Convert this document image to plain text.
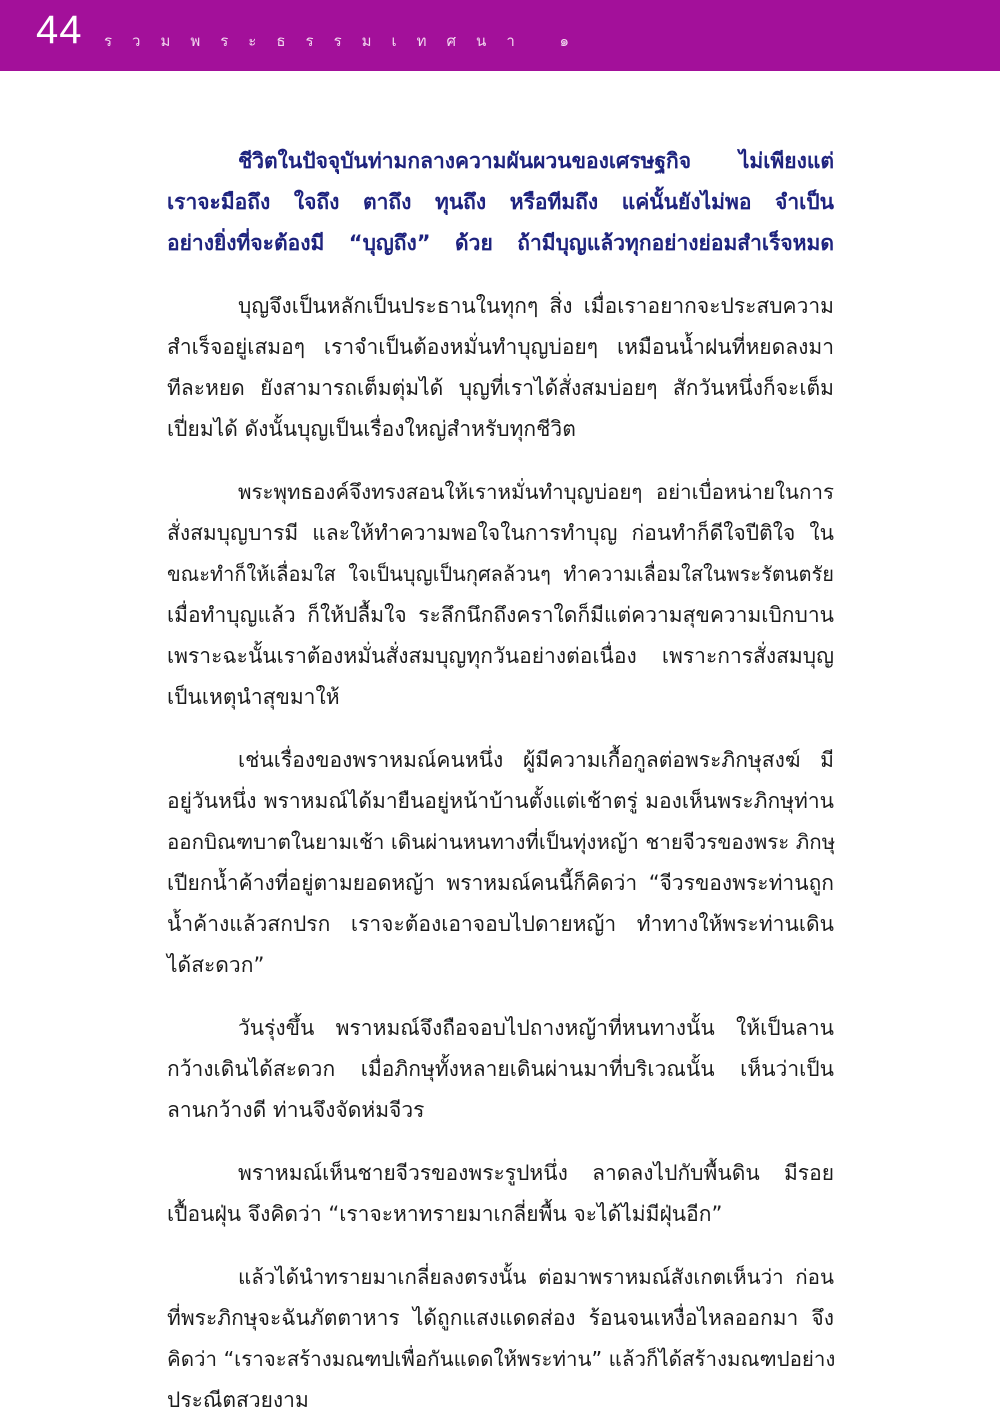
44 รวมพระธรรมเทศนา ๑
ชีวิตในปัจจุบันท่ามกลางความผันผวนของเศรษฐกิจ ไม่เพียงแต่
เราจะมือถึง ใจถึง ตาถึง ทุนถึง หรือทีมถึง แค่นั้นยังไม่พอ จำเป็น
อย่างยิ่งที่จะต้องมี “บุญถึง” ด้วย ถ้ามีบุญแล้วทุกอย่างย่อมสำเร็จหมด
บุญจึงเป็นหลักเป็นประธานในทุกๆ สิ่ง เมื่อเราอยากจะประสบความ
สำเร็จอยู่เสมอๆ เราจำเป็นต้องหมั่นทำบุญบ่อยๆ เหมือนน้ำฝนที่หยดลงมา
ทีละหยด ยังสามารถเต็มตุ่มได้ บุญที่เราได้สั่งสมบ่อยๆ สักวันหนึ่งก็จะเต็ม
เปี่ยมได้ ดังนั้นบุญเป็นเรื่องใหญ่สำหรับทุกชีวิต
พระพุทธองค์จึงทรงสอนให้เราหมั่นทำบุญบ่อยๆ อย่าเบื่อหน่ายในการ
สั่งสมบุญบารมี และให้ทำความพอใจในการทำบุญ ก่อนทำก็ดีใจปีติใจ ใน
ขณะทำก็ให้เลื่อมใส ใจเป็นบุญเป็นกุศลล้วนๆ ทำความเลื่อมใสในพระรัตนตรัย
เมื่อทำบุญแล้ว ก็ให้ปลื้มใจ ระลึกนึกถึงคราใดก็มีแต่ความสุขความเบิกบาน
เพราะฉะนั้นเราต้องหมั่นสั่งสมบุญทุกวันอย่างต่อเนื่อง เพราะการสั่งสมบุญ
เป็นเหตุนำสุขมาให้
เช่นเรื่องของพราหมณ์คนหนึ่ง ผู้มีความเกื้อกูลต่อพระภิกษุสงฆ์ มี
อยู่วันหนึ่ง พราหมณ์ได้มายืนอยู่หน้าบ้านตั้งแต่เช้าตรู่ มองเห็นพระภิกษุท่าน
ออกบิณฑบาตในยามเช้า เดินผ่านหนทางที่เป็นทุ่งหญ้า ชายจีวรของพระ ภิกษุ
เปียกน้ำค้างที่อยู่ตามยอดหญ้า พราหมณ์คนนี้ก็คิดว่า “จีวรของพระท่านถูก
น้ำค้างแล้วสกปรก เราจะต้องเอาจอบไปดายหญ้า ทำทางให้พระท่านเดิน
ได้สะดวก”
วันรุ่งขึ้น พราหมณ์จึงถือจอบไปถางหญ้าที่หนทางนั้น ให้เป็นลาน
กว้างเดินได้สะดวก เมื่อภิกษุทั้งหลายเดินผ่านมาที่บริเวณนั้น เห็นว่าเป็น
ลานกว้างดี ท่านจึงจัดห่มจีวร
พราหมณ์เห็นชายจีวรของพระรูปหนึ่ง ลาดลงไปกับพื้นดิน มีรอย
เปื้อนฝุ่น จึงคิดว่า “เราจะหาทรายมาเกลี่ยพื้น จะได้ไม่มีฝุ่นอีก”
แล้วได้นำทรายมาเกลี่ยลงตรงนั้น ต่อมาพราหมณ์สังเกตเห็นว่า ก่อน
ที่พระภิกษุจะฉันภัตตาหาร ได้ถูกแสงแดดส่อง ร้อนจนเหงื่อไหลออกมา จึง
คิดว่า “เราจะสร้างมณฑปเพื่อกันแดดให้พระท่าน” แล้วก็ได้สร้างมณฑปอย่าง
ประณีตสวยงาม
